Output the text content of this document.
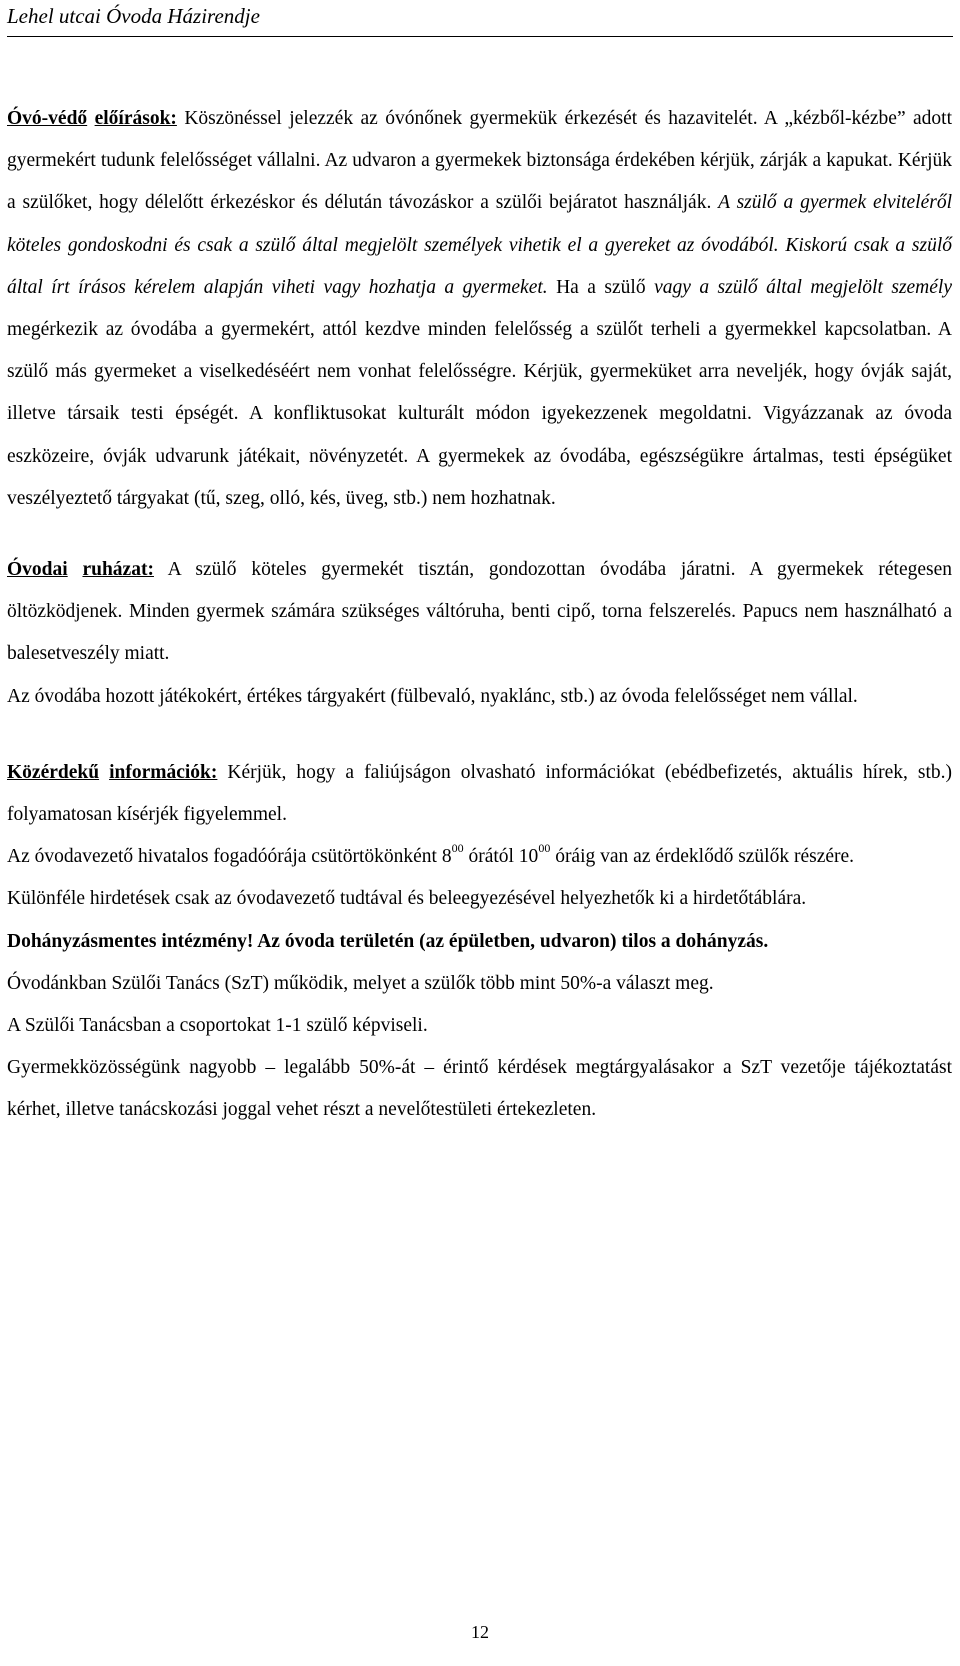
Lehel utcai Óvoda Házirendje

Óvó-védő előírások: Köszönéssel jelezzék az óvónőnek gyermekük érkezését és hazavitelét. A „kézből-kézbe” adott gyermekért tudunk felelősséget vállalni. Az udvaron a gyermekek biztonsága érdekében kérjük, zárják a kapukat. Kérjük a szülőket, hogy délelőtt érkezéskor és délután távozáskor a szülői bejáratot használják. A szülő a gyermek elviteléről köteles gondoskodni és csak a szülő által megjelölt személyek vihetik el a gyereket az óvodából. Kiskorú csak a szülő által írt írásos kérelem alapján viheti vagy hozhatja a gyermeket. Ha a szülő vagy a szülő által megjelölt személy megérkezik az óvodába a gyermekért, attól kezdve minden felelősség a szülőt terheli a gyermekkel kapcsolatban. A szülő más gyermeket a viselkedéséért nem vonhat felelősségre. Kérjük, gyermeküket arra neveljék, hogy óvják saját, illetve társaik testi épségét. A konfliktusokat kulturált módon igyekezzenek megoldatni. Vigyázzanak az óvoda eszközeire, óvják udvarunk játékait, növényzetét. A gyermekek az óvodába, egészségükre ártalmas, testi épségüket veszélyeztető tárgyakat (tű, szeg, olló, kés, üveg, stb.) nem hozhatnak.

Óvodai ruházat: A szülő köteles gyermekét tisztán, gondozottan óvodába járatni. A gyermekek rétegesen öltözködjenek. Minden gyermek számára szükséges váltóruha, benti cipő, torna felszerelés. Papucs nem használható a balesetveszély miatt.

Az óvodába hozott játékokért, értékes tárgyakért (fülbevaló, nyaklánc, stb.) az óvoda felelősséget nem vállal.

Közérdekű információk: Kérjük, hogy a faliújságon olvasható információkat (ebédbefizetés, aktuális hírek, stb.) folyamatosan kísérjék figyelemmel.

Az óvodavezető hivatalos fogadóórája csütörtökönként $8^{00}$ órától $10^{00}$ óráig van az érdeklődő szülők részére.

Különféle hirdetések csak az óvodavezető tudtával és beleegyezésével helyezhetők ki a hirdetőtáblára.

Dohányzásmentes intézmény! Az óvoda területén (az épületben, udvaron) tilos a dohányzás.

Óvodánkban Szülői Tanács (SzT) működik, melyet a szülők több mint 50%-a választ meg.

A Szülői Tanácsban a csoportokat 1-1 szülő képviseli.

Gyermekközösségünk nagyobb – legalább 50%-át – érintő kérdések megtárgyalásakor a SzT vezetője tájékoztatást kérhet, illetve tanácskozási joggal vehet részt a nevelőtestületi értekezleten.

12
